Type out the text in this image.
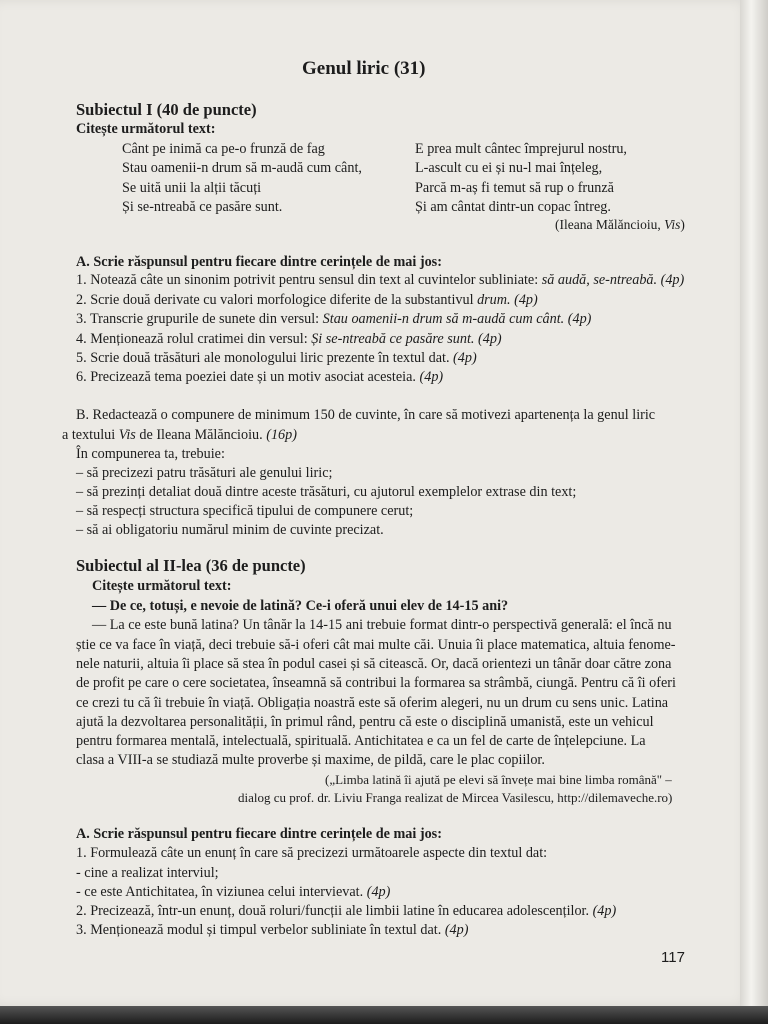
Genul liric (31)
Subiectul I (40 de puncte)
Citește următorul text:
Cânt pe inimă ca pe-o frunză de fag
Stau oamenii-n drum să m-audă cum cânt,
Se uită unii la alții tăcuți
Și se-ntreabă ce pasăre sunt.
E prea mult cântec împrejurul nostru,
L-ascult cu ei și nu-l mai înțeleg,
Parcă m-aș fi temut să rup o frunză
Și am cântat dintr-un copac întreg.
(Ileana Mălăncioiu, Vis)
A. Scrie răspunsul pentru fiecare dintre cerințele de mai jos:
1. Notează câte un sinonim potrivit pentru sensul din text al cuvintelor subliniate: să audă, se-ntreabă. (4p)
2. Scrie două derivate cu valori morfologice diferite de la substantivul drum. (4p)
3. Transcrie grupurile de sunete din versul: Stau oamenii-n drum să m-audă cum cânt. (4p)
4. Menționează rolul cratimei din versul: Și se-ntreabă ce pasăre sunt. (4p)
5. Scrie două trăsături ale monologului liric prezente în textul dat. (4p)
6. Precizează tema poeziei date și un motiv asociat acesteia. (4p)
B. Redactează o compunere de minimum 150 de cuvinte, în care să motivezi apartenența la genul liric
a textului Vis de Ileana Mălăncioiu. (16p)
În compunerea ta, trebuie:
– să precizezi patru trăsături ale genului liric;
– să prezinți detaliat două dintre aceste trăsături, cu ajutorul exemplelor extrase din text;
– să respecți structura specifică tipului de compunere cerut;
– să ai obligatoriu numărul minim de cuvinte precizat.
Subiectul al II-lea (36 de puncte)
Citește următorul text:
— De ce, totuși, e nevoie de latină? Ce-i oferă unui elev de 14-15 ani?
— La ce este bună latina? Un tânăr la 14-15 ani trebuie format dintr-o perspectivă generală: el încă nu
știe ce va face în viață, deci trebuie să-i oferi cât mai multe căi. Unuia îi place matematica, altuia fenome-
nele naturii, altuia îi place să stea în podul casei și să citească. Or, dacă orientezi un tânăr doar către zona
de profit pe care o cere societatea, înseamnă să contribui la formarea sa strâmbă, ciungă. Pentru că îi oferi
ce crezi tu că îi trebuie în viață. Obligația noastră este să oferim alegeri, nu un drum cu sens unic. Latina
ajută la dezvoltarea personalității, în primul rând, pentru că este o disciplină umanistă, este un vehicul
pentru formarea mentală, intelectuală, spirituală. Antichitatea e ca un fel de carte de înțelepciune. La
clasa a VIII-a se studiază multe proverbe și maxime, de pildă, care le plac copiilor.
(„Limba latină îi ajută pe elevi să învețe mai bine limba română" –
dialog cu prof. dr. Liviu Franga realizat de Mircea Vasilescu, http://dilemaveche.ro)
A. Scrie răspunsul pentru fiecare dintre cerințele de mai jos:
1. Formulează câte un enunț în care să precizezi următoarele aspecte din textul dat:
- cine a realizat interviul;
- ce este Antichitatea, în viziunea celui intervievat. (4p)
2. Precizează, într-un enunț, două roluri/funcții ale limbii latine în educarea adolescenților. (4p)
3. Menționează modul și timpul verbelor subliniate în textul dat. (4p)
117
